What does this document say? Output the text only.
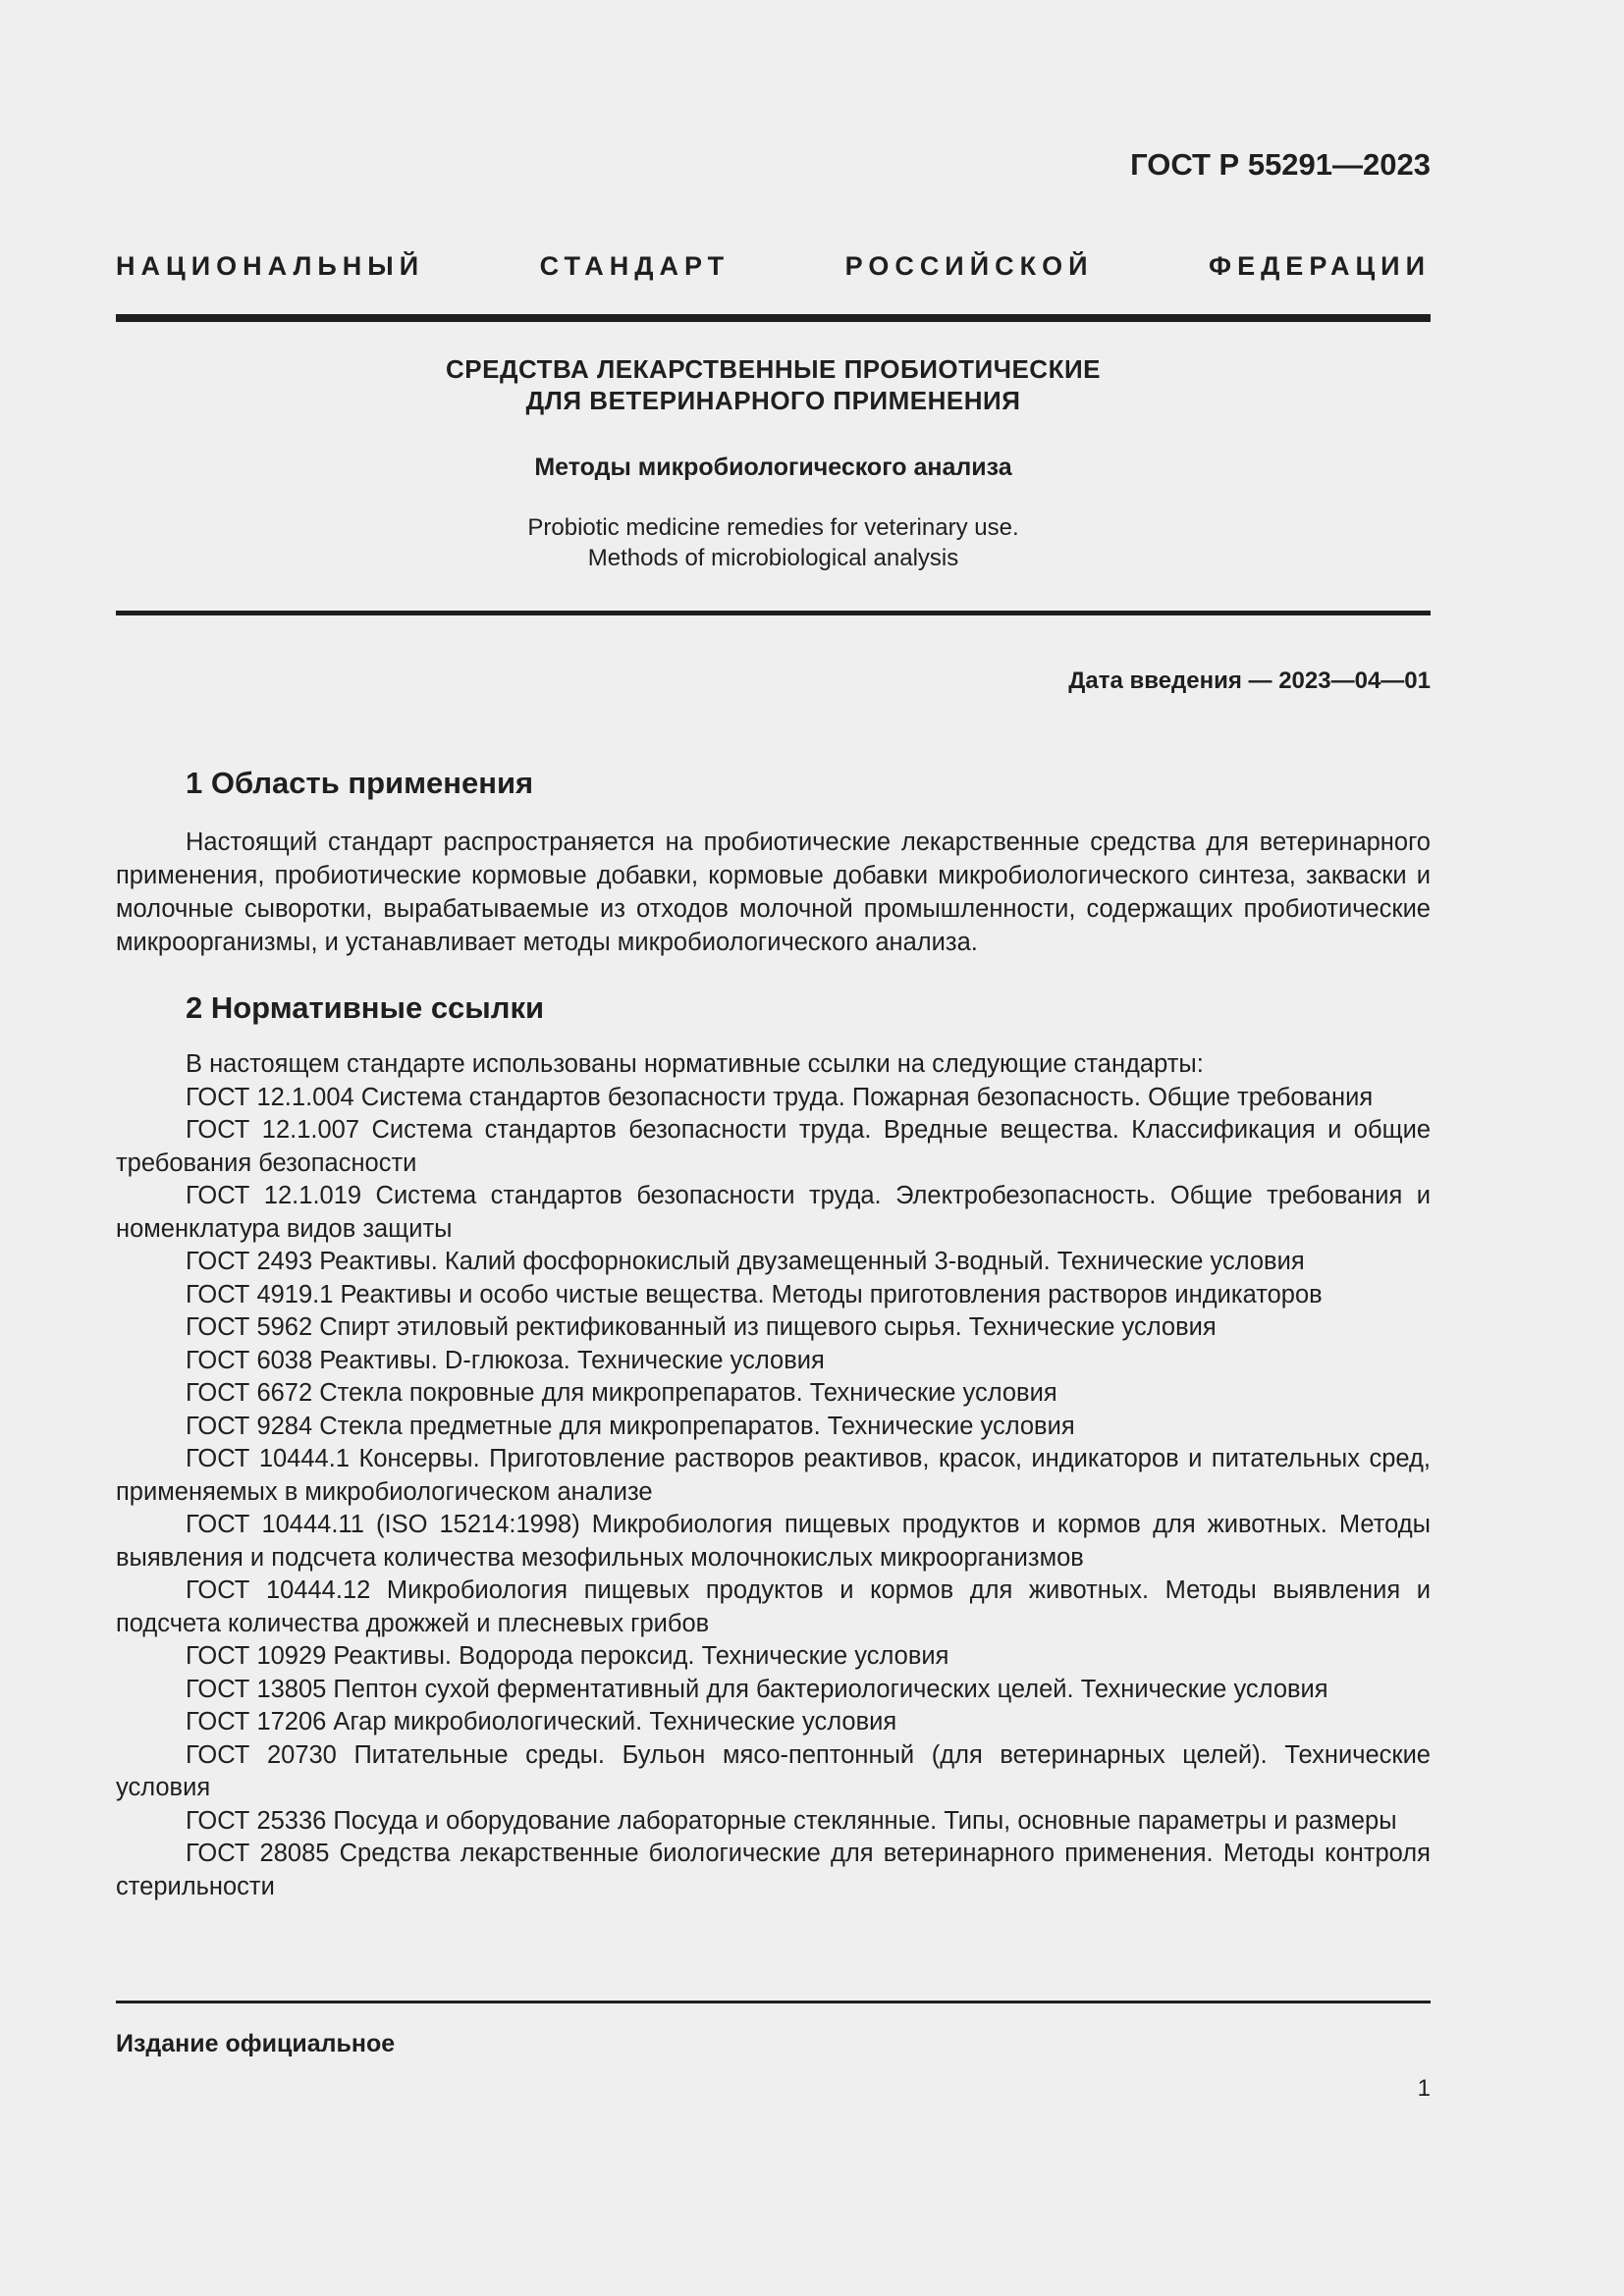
ГОСТ Р 55291—2023
НАЦИОНАЛЬНЫЙ СТАНДАРТ РОССИЙСКОЙ ФЕДЕРАЦИИ
СРЕДСТВА ЛЕКАРСТВЕННЫЕ ПРОБИОТИЧЕСКИЕ
ДЛЯ ВЕТЕРИНАРНОГО ПРИМЕНЕНИЯ
Методы микробиологического анализа
Probiotic medicine remedies for veterinary use.
Methods of microbiological analysis
Дата введения — 2023—04—01
1 Область применения
Настоящий стандарт распространяется на пробиотические лекарственные средства для ветеринарного применения, пробиотические кормовые добавки, кормовые добавки микробиологического синтеза, закваски и молочные сыворотки, вырабатываемые из отходов молочной промышленности, содержащих пробиотические микроорганизмы, и устанавливает методы микробиологического анализа.
2 Нормативные ссылки

В настоящем стандарте использованы нормативные ссылки на следующие стандарты:

ГОСТ 12.1.004 Система стандартов безопасности труда. Пожарная безопасность. Общие требования

ГОСТ 12.1.007 Система стандартов безопасности труда. Вредные вещества. Классификация и общие требования безопасности

ГОСТ 12.1.019 Система стандартов безопасности труда. Электробезопасность. Общие требования и номенклатура видов защиты

ГОСТ 2493 Реактивы. Калий фосфорнокислый двузамещенный 3-водный. Технические условия

ГОСТ 4919.1 Реактивы и особо чистые вещества. Методы приготовления растворов индикаторов

ГОСТ 5962 Спирт этиловый ректификованный из пищевого сырья. Технические условия

ГОСТ 6038 Реактивы. D-глюкоза. Технические условия

ГОСТ 6672 Стекла покровные для микропрепаратов. Технические условия

ГОСТ 9284 Стекла предметные для микропрепаратов. Технические условия

ГОСТ 10444.1 Консервы. Приготовление растворов реактивов, красок, индикаторов и питательных сред, применяемых в микробиологическом анализе

ГОСТ 10444.11 (ISO 15214:1998) Микробиология пищевых продуктов и кормов для животных. Методы выявления и подсчета количества мезофильных молочнокислых микроорганизмов

ГОСТ 10444.12 Микробиология пищевых продуктов и кормов для животных. Методы выявления и подсчета количества дрожжей и плесневых грибов

ГОСТ 10929 Реактивы. Водорода пероксид. Технические условия

ГОСТ 13805 Пептон сухой ферментативный для бактериологических целей. Технические условия

ГОСТ 17206 Агар микробиологический. Технические условия

ГОСТ 20730 Питательные среды. Бульон мясо-пептонный (для ветеринарных целей). Технические условия

ГОСТ 25336 Посуда и оборудование лабораторные стеклянные. Типы, основные параметры и размеры

ГОСТ 28085 Средства лекарственные биологические для ветеринарного применения. Методы контроля стерильности

Издание официальное
1
